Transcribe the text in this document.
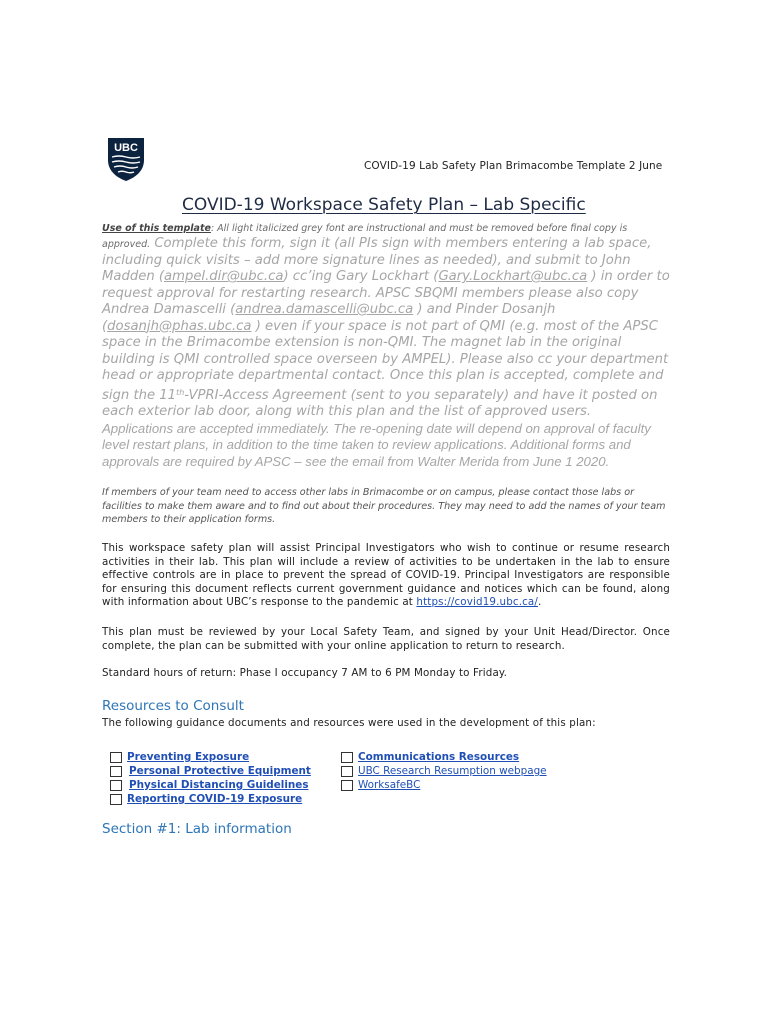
UBC
COVID-19 Lab Safety Plan Brimacombe Template 2 June
COVID-19 Workspace Safety Plan – Lab Specific
Use of this template: All light italicized grey font are instructional and must be removed before final copy is approved. Complete this form, sign it (all PIs sign with members entering a lab space, including quick visits – add more signature lines as needed), and submit to John Madden (ampel.dir@ubc.ca) cc’ing Gary Lockhart (Gary.Lockhart@ubc.ca ) in order to request approval for restarting research. APSC SBQMI members please also copy Andrea Damascelli (andrea.damascelli@ubc.ca ) and Pinder Dosanjh (dosanjh@phas.ubc.ca ) even if your space is not part of QMI (e.g. most of the APSC space in the Brimacombe extension is non-QMI. The magnet lab in the original building is QMI controlled space overseen by AMPEL). Please also cc your department head or appropriate departmental contact. Once this plan is accepted, complete and sign the 11th-VPRI-Access Agreement (sent to you separately) and have it posted on each exterior lab door, along with this plan and the list of approved users.
Applications are accepted immediately. The re-opening date will depend on approval of faculty level restart plans, in addition to the time taken to review applications. Additional forms and approvals are required by APSC – see the email from Walter Merida from June 1 2020.
If members of your team need to access other labs in Brimacombe or on campus, please contact those labs or facilities to make them aware and to find out about their procedures. They may need to add the names of your team members to their application forms.
This workspace safety plan will assist Principal Investigators who wish to continue or resume research activities in their lab. This plan will include a review of activities to be undertaken in the lab to ensure effective controls are in place to prevent the spread of COVID-19. Principal Investigators are responsible for ensuring this document reflects current government guidance and notices which can be found, along with information about UBC’s response to the pandemic at https://covid19.ubc.ca/.
This plan must be reviewed by your Local Safety Team, and signed by your Unit Head/Director. Once complete, the plan can be submitted with your online application to return to research.
Standard hours of return: Phase I occupancy 7 AM to 6 PM Monday to Friday.
Resources to Consult
The following guidance documents and resources were used in the development of this plan:
Preventing Exposure
Personal Protective Equipment
Physical Distancing Guidelines
Reporting COVID-19 Exposure
Communications Resources
UBC Research Resumption webpage
WorksafeBC
Section #1: Lab information
